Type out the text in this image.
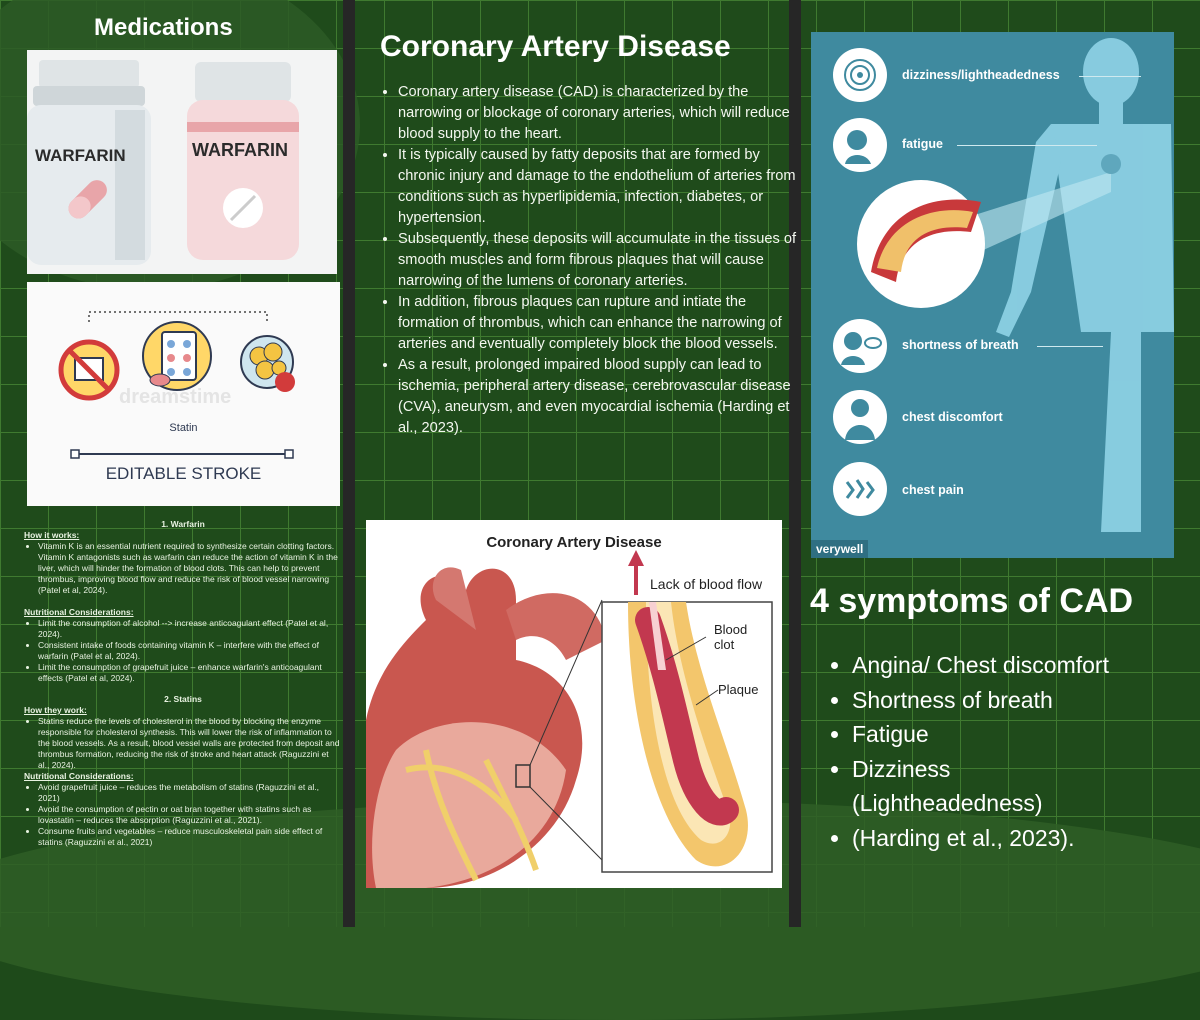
Medications
WARFARIN	WARFARIN
Statin
EDITABLE STROKE
dreamstime
1. Warfarin
How it works:
• Vitamin K is an essential nutrient required to synthesize certain clotting factors. Vitamin K antagonists such as warfarin can reduce the action of vitamin K in the liver, which will hinder the formation of blood clots. This can help to prevent thrombus, improving blood flow and reduce the risk of blood vessel narrowing (Patel et al, 2024).
Nutritional Considerations:
• Limit the consumption of alcohol --> increase anticoagulant effect (Patel et al, 2024).
• Consistent intake of foods containing vitamin K – interfere with the effect of warfarin (Patel et al, 2024).
• Limit the consumption of grapefruit juice – enhance warfarin's anticoagulant effects (Patel et al, 2024).
2. Statins
How they work:
• Statins reduce the levels of cholesterol in the blood by blocking the enzyme responsible for cholesterol synthesis. This will lower the risk of inflammation to the blood vessels. As a result, blood vessel walls are protected from deposit and thrombus formation, reducing the risk of stroke and heart attack (Raguzzini et al., 2024).
Nutritional Considerations:
• Avoid grapefruit juice – reduces the metabolism of statins (Raguzzini et al., 2021)
• Avoid the consumption of pectin or oat bran together with statins such as lovastatin – reduces the absorption (Raguzzini et al., 2021).
• Consume fruits and vegetables – reduce musculoskeletal pain side effect of statins (Raguzzini et al., 2021)
Coronary Artery Disease
• Coronary artery disease (CAD) is characterized by the narrowing or blockage of coronary arteries, which will reduce blood supply to the heart.
• It is typically caused by fatty deposits that are formed by chronic injury and damage to the endothelium of arteries from conditions such as hyperlipidemia, infection, diabetes, or hypertension.
• Subsequently, these deposits will accumulate in the tissues of smooth muscles and form fibrous plaques that will cause narrowing of the lumens of coronary arteries.
• In addition, fibrous plaques can rupture and intiate the formation of thrombus, which can enhance the narrowing of arteries and eventually completely block the blood vessels.
• As a result, prolonged impaired blood supply can lead to ischemia, peripheral artery disease, cerebrovascular disease (CVA), aneurysm, and even myocardial ischemia (Harding et al., 2023).
Coronary Artery Disease
Lack of blood flow
Blood clot
Plaque
dizziness/lightheadedness
fatigue
shortness of breath
chest discomfort
chest pain
verywell
4 symptoms of CAD
• Angina/ Chest discomfort
• Shortness of breath
• Fatigue
• Dizziness (Lightheadedness)
• (Harding et al., 2023).
